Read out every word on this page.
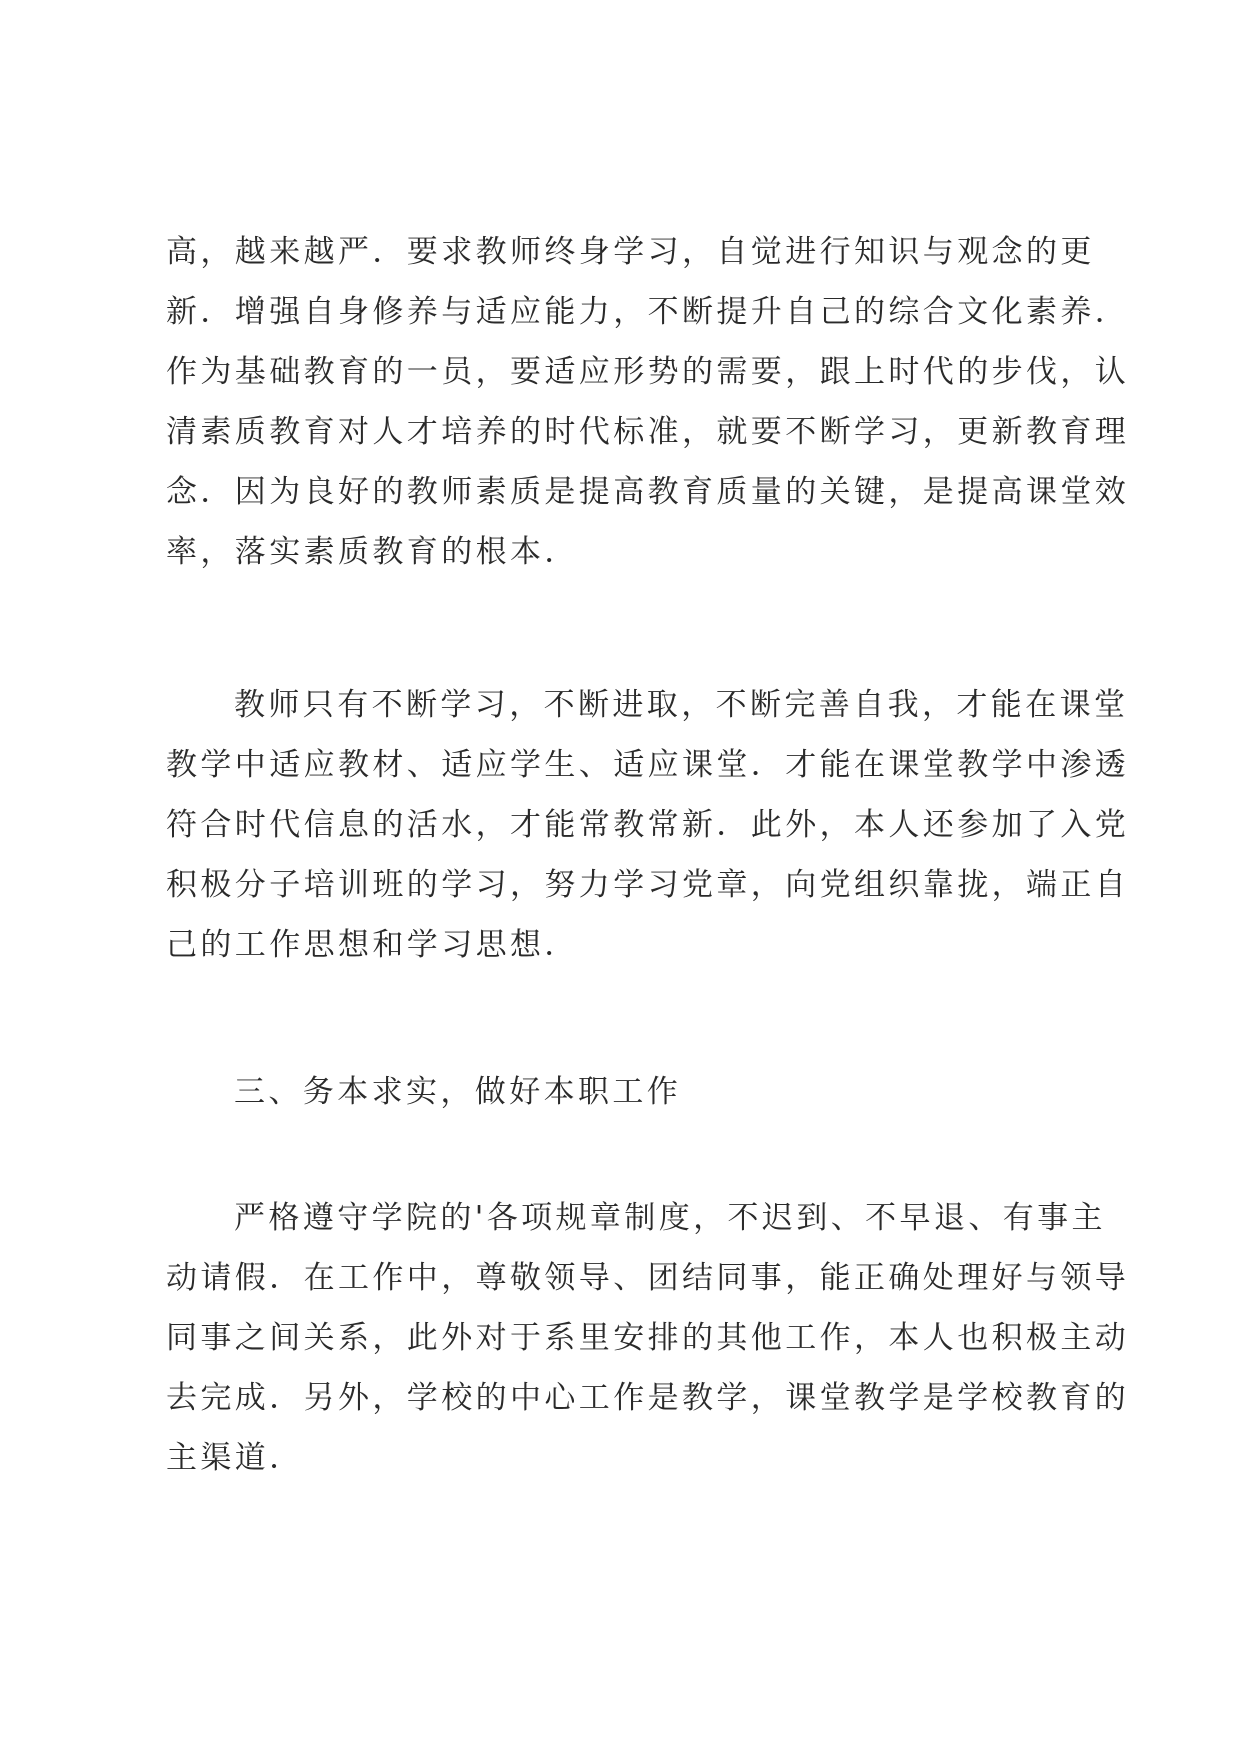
高，越来越严．要求教师终身学习，自觉进行知识与观念的更
新．增强自身修养与适应能力，不断提升自己的综合文化素养．
作为基础教育的一员，要适应形势的需要，跟上时代的步伐，认
清素质教育对人才培养的时代标准，就要不断学习，更新教育理
念．因为良好的教师素质是提高教育质量的关键，是提高课堂效
率，落实素质教育的根本．
教师只有不断学习，不断进取，不断完善自我，才能在课堂
教学中适应教材、适应学生、适应课堂．才能在课堂教学中渗透
符合时代信息的活水，才能常教常新．此外，本人还参加了入党
积极分子培训班的学习，努力学习党章，向党组织靠拢，端正自
己的工作思想和学习思想．
三、务本求实，做好本职工作
严格遵守学院的'各项规章制度，不迟到、不早退、有事主
动请假．在工作中，尊敬领导、团结同事，能正确处理好与领导
同事之间关系，此外对于系里安排的其他工作，本人也积极主动
去完成．另外，学校的中心工作是教学，课堂教学是学校教育的
主渠道．
